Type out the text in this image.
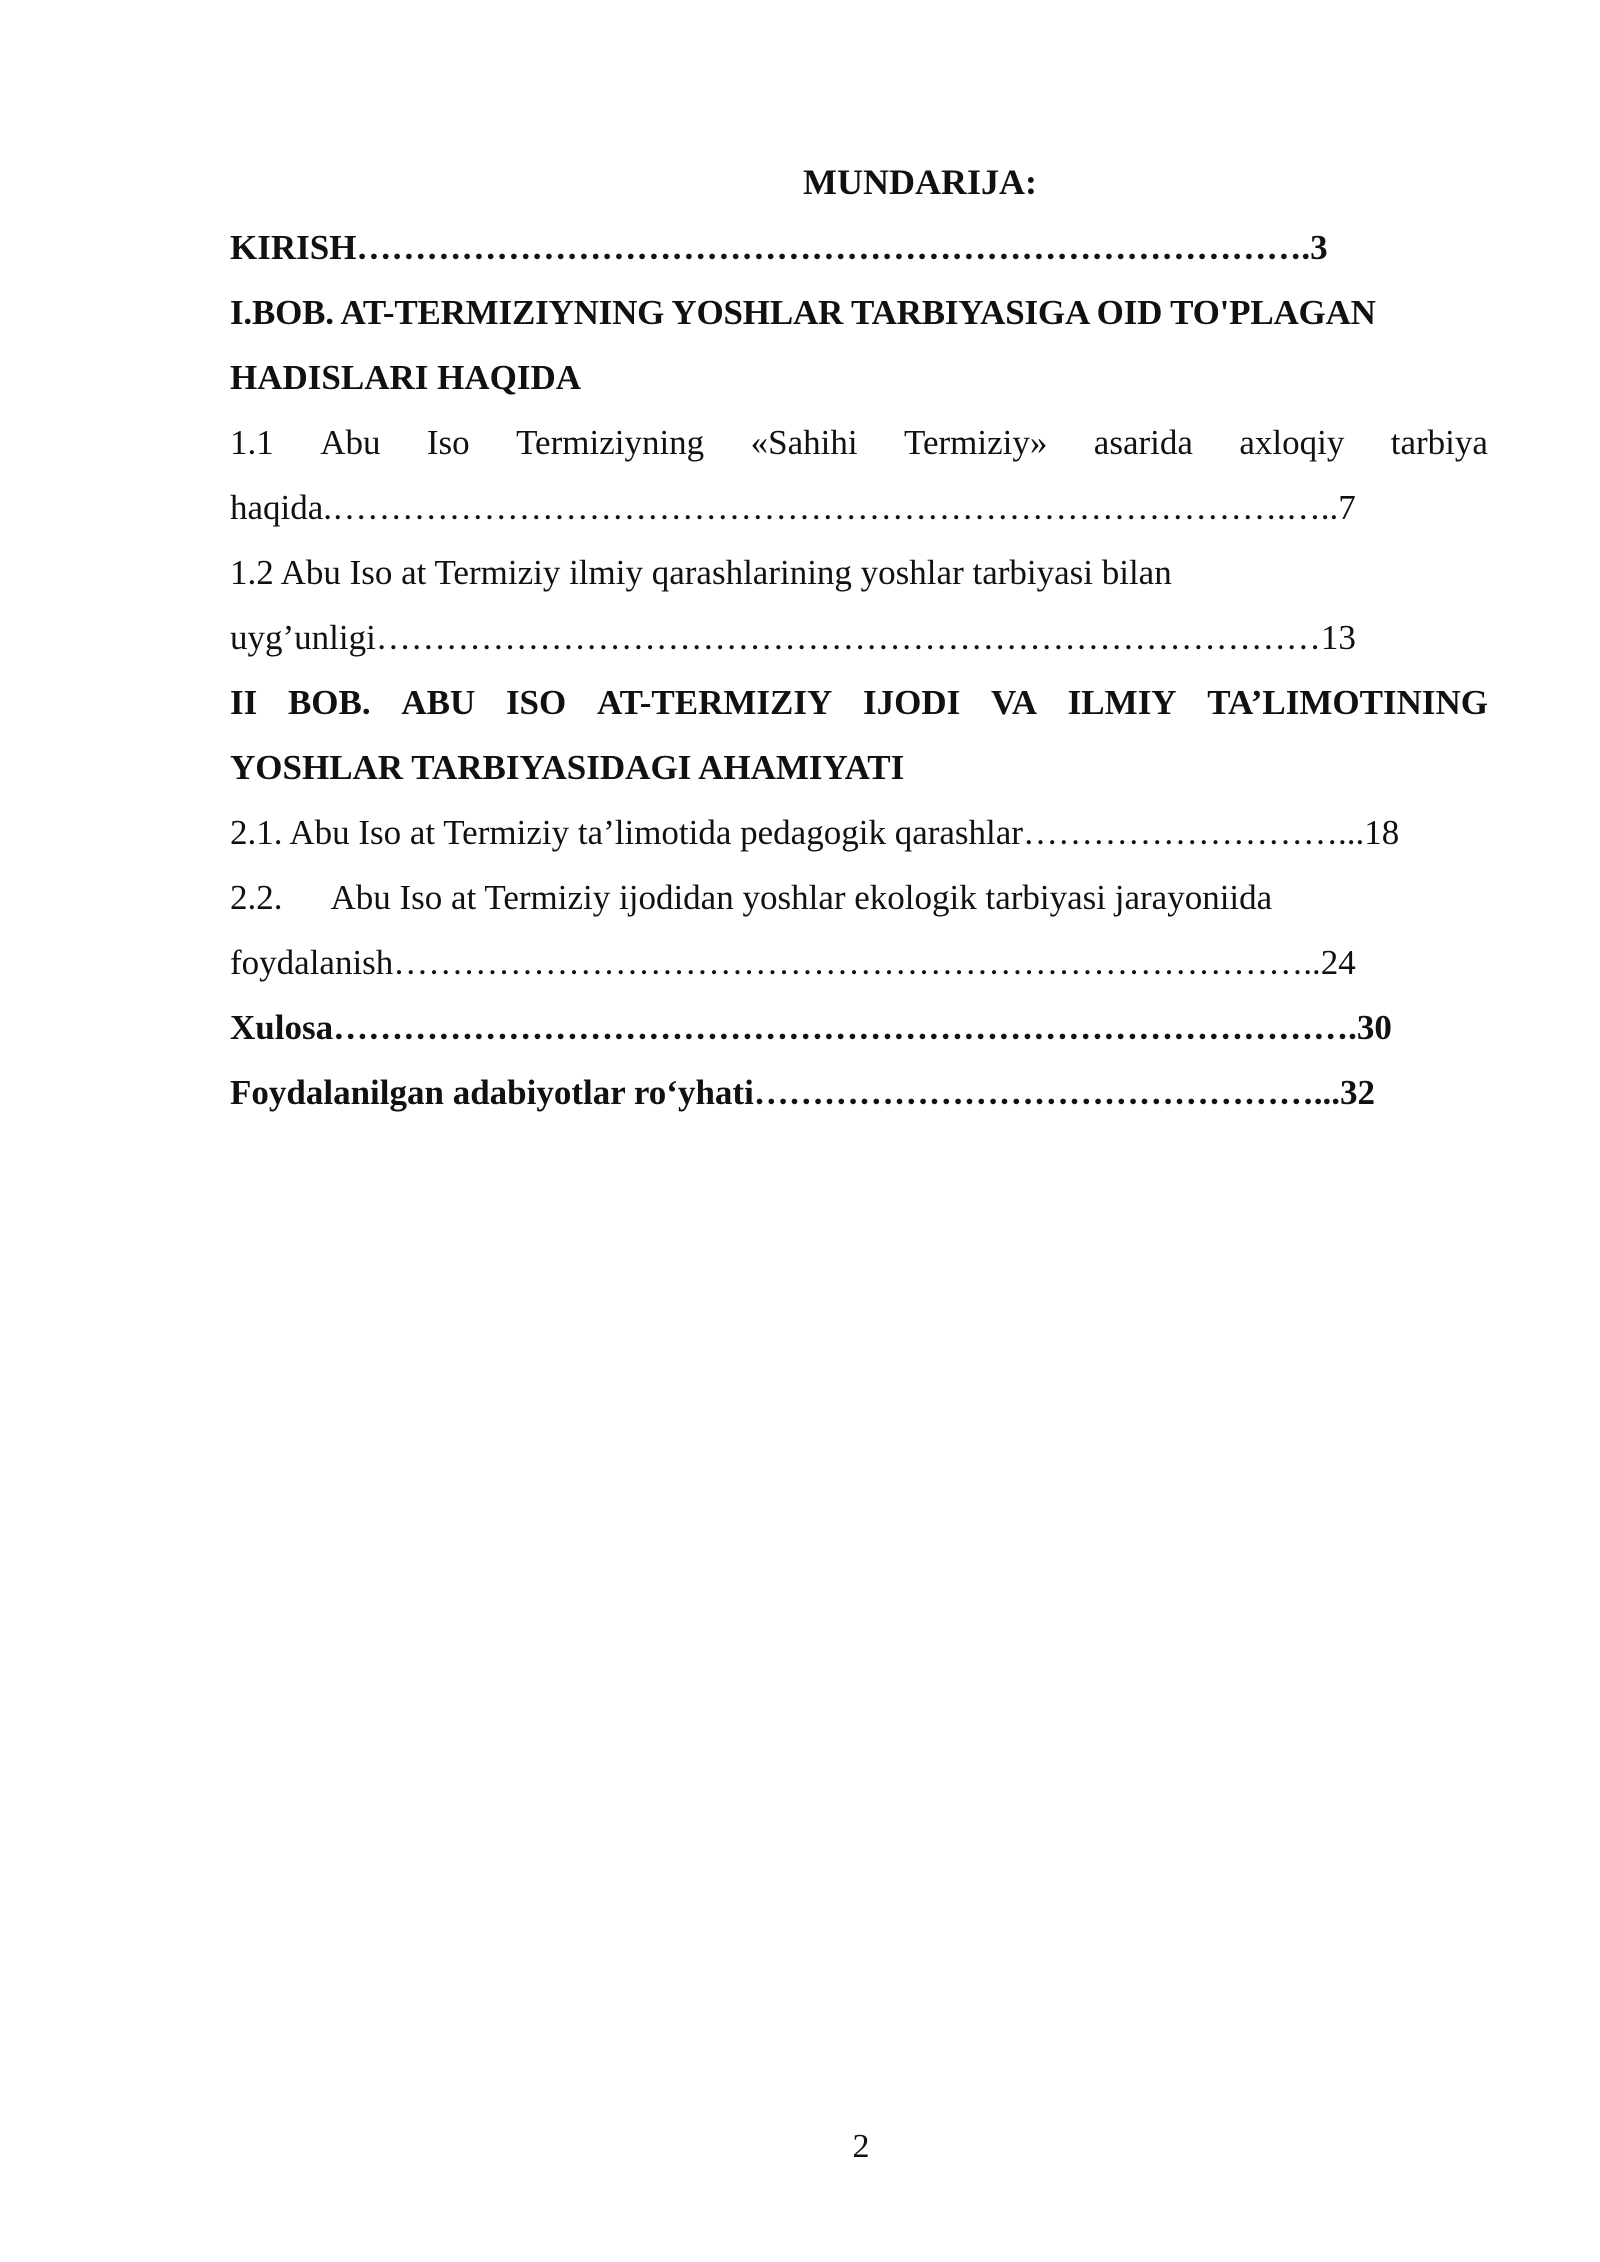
MUNDARIJA:
KIRISH……………………………………………………………………….3
I.BOB. AT-TERMIZIYNING YOSHLAR TARBIYASIGA OID TO'PLAGAN
HADISLARI HAQIDA
1.1 Abu Iso Termiziyning «Sahihi Termiziy» asarida axloqiy tarbiya
haqida.……………………………………………………………………….…..7
1.2 Abu Iso at Termiziy ilmiy qarashlarining yoshlar tarbiyasi bilan
uyg’unligi………………………………………………………………………13
II BOB. ABU ISO AT-TERMIZIY IJODI VA ILMIY TA’LIMOTINING
YOSHLAR TARBIYASIDAGI AHAMIYATI
2.1. Abu Iso at Termiziy ta’limotida pedagogik qarashlar………………………...18
2.2. Abu Iso at Termiziy ijodidan yoshlar ekologik tarbiyasi jarayoniida
foydalanish……………………………………………………………………..24
Xulosa…………………………………………………………………………….30
Foydalanilgan adabiyotlar ro‘yhati…………………………………………...32
2
